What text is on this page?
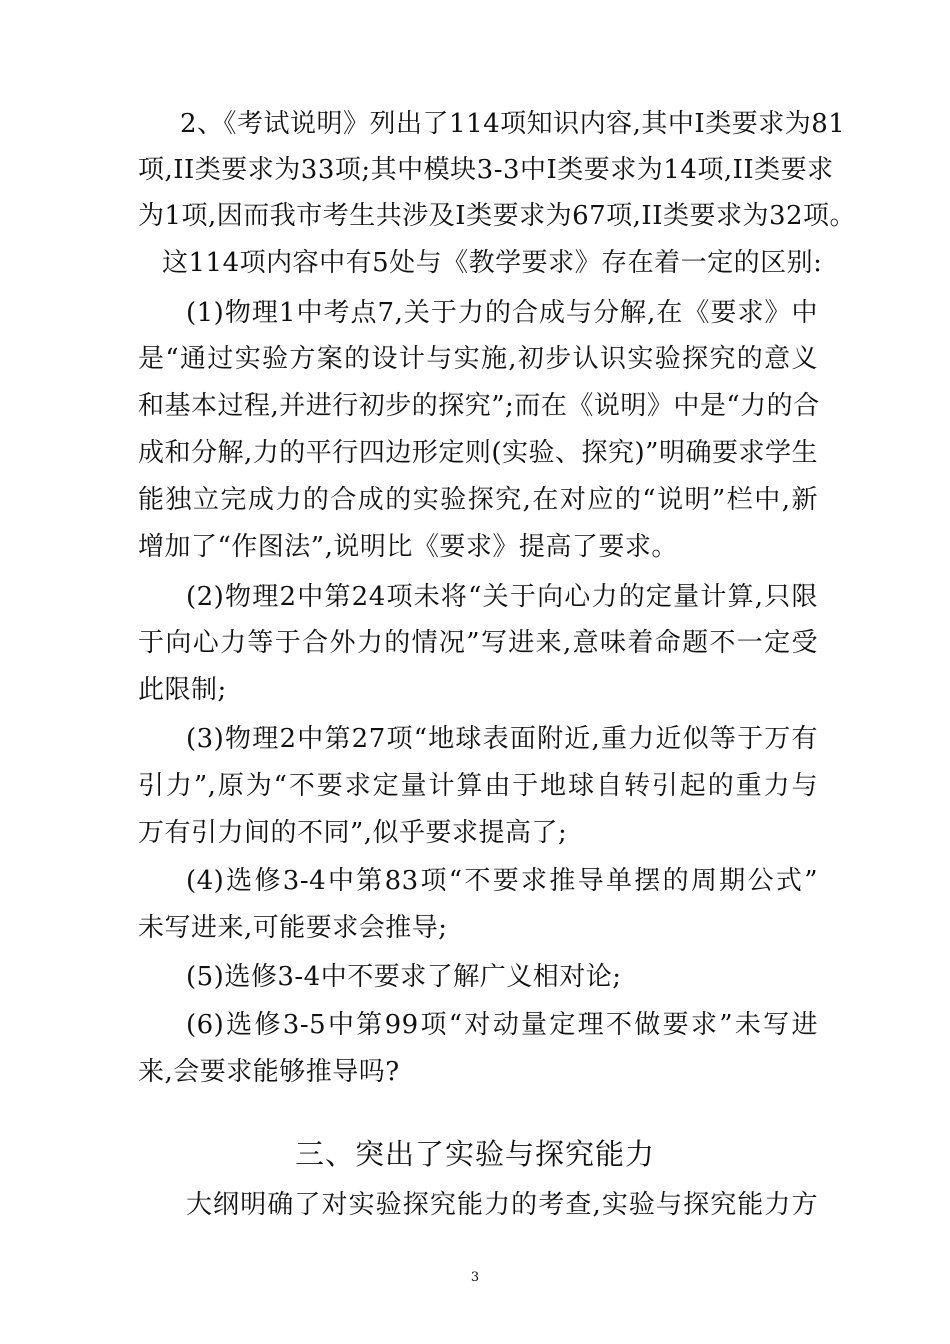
2、《考试说明》列出了114项知识内容,其中I类要求为81
项,II类要求为33项;其中模块3-3中I类要求为14项,II类要求
为1项,因而我市考生共涉及I类要求为67项,II类要求为32项。
这114项内容中有5处与《教学要求》存在着一定的区别:
(1)物理1中考点7,关于力的合成与分解,在《要求》中
是“通过实验方案的设计与实施,初步认识实验探究的意义
和基本过程,并进行初步的探究”;而在《说明》中是“力的合
成和分解,力的平行四边形定则(实验、探究)”明确要求学生
能独立完成力的合成的实验探究,在对应的“说明”栏中,新
增加了“作图法”,说明比《要求》提高了要求。
(2)物理2中第24项未将“关于向心力的定量计算,只限
于向心力等于合外力的情况”写进来,意味着命题不一定受
此限制;
(3)物理2中第27项“地球表面附近,重力近似等于万有
引力”,原为“不要求定量计算由于地球自转引起的重力与
万有引力间的不同”,似乎要求提高了;
(4)选修3-4中第83项“不要求推导单摆的周期公式”
未写进来,可能要求会推导;
(5)选修3-4中不要求了解广义相对论;
(6)选修3-5中第99项“对动量定理不做要求”未写进
来,会要求能够推导吗?
三、突出了实验与探究能力
大纲明确了对实验探究能力的考查,实验与探究能力方
3
